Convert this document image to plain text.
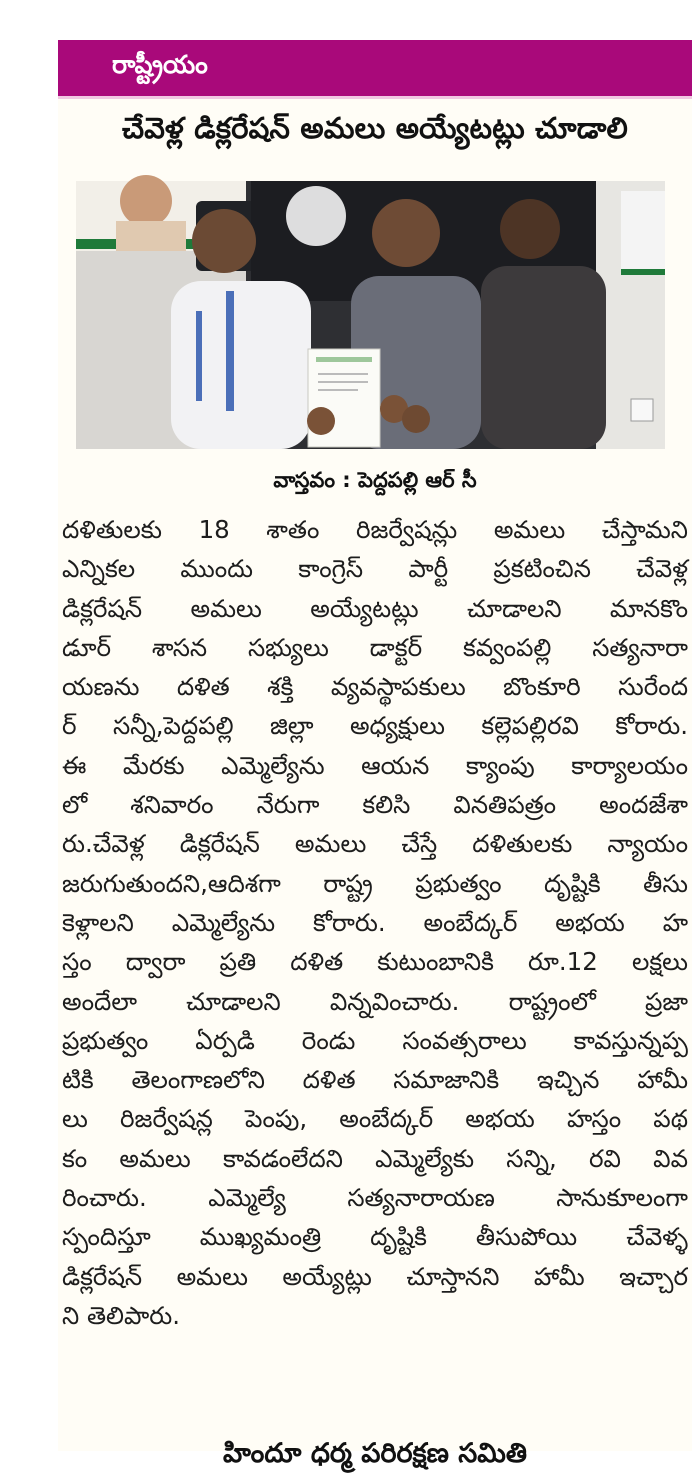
రాష్ట్రీయం
చేవెళ్ల డిక్లరేషన్ అమలు అయ్యేటట్లు చూడాలి
వాస్తవం : పెద్దపల్లి ఆర్ సీ
దళితులకు 18 శాతం రిజర్వేషన్లు అమలు చేస్తామని
ఎన్నికల ముందు కాంగ్రెస్ పార్టీ ప్రకటించిన చేవెళ్ల
డిక్లరేషన్ అమలు అయ్యేటట్లు చూడాలని మానకొం
డూర్ శాసన సభ్యులు డాక్టర్ కవ్వంపల్లి సత్యనారా
యణను దళిత శక్తి వ్యవస్థాపకులు బొంకూరి సురేంద
ర్ సన్నీ,పెద్దపల్లి జిల్లా అధ్యక్షులు కల్లెపల్లిరవి కోరారు.
ఈ మేరకు ఎమ్మెల్యేను ఆయన క్యాంపు కార్యాలయం
లో శనివారం నేరుగా కలిసి వినతిపత్రం అందజేశా
రు.చేవెళ్ల డిక్లరేషన్ అమలు చేస్తే దళితులకు న్యాయం
జరుగుతుందని,ఆదిశగా రాష్ట్ర ప్రభుత్వం దృష్టికి తీసు
కెళ్లాలని ఎమ్మెల్యేను కోరారు. అంబేద్కర్ అభయ హ
స్తం ద్వారా ప్రతి దళిత కుటుంబానికి రూ.12 లక్షలు
అందేలా చూడాలని విన్నవించారు. రాష్ట్రంలో ప్రజా
ప్రభుత్వం ఏర్పడి రెండు సంవత్సరాలు కావస్తున్నప్ప
టికి తెలంగాణలోని దళిత సమాజానికి ఇచ్చిన హామీ
లు రిజర్వేషన్ల పెంపు, అంబేద్కర్ అభయ హస్తం పథ
కం అమలు కావడంలేదని ఎమ్మెల్యేకు సన్ని, రవి వివ
రించారు. ఎమ్మెల్యే సత్యనారాయణ సానుకూలంగా
స్పందిస్తూ ముఖ్యమంత్రి దృష్టికి తీసుపోయి చేవెళ్ళ
డిక్లరేషన్ అమలు అయ్యేట్లు చూస్తానని హామీ ఇచ్చార
ని తెలిపారు.
హిందూ ధర్మ పరిరక్షణ సమితి
